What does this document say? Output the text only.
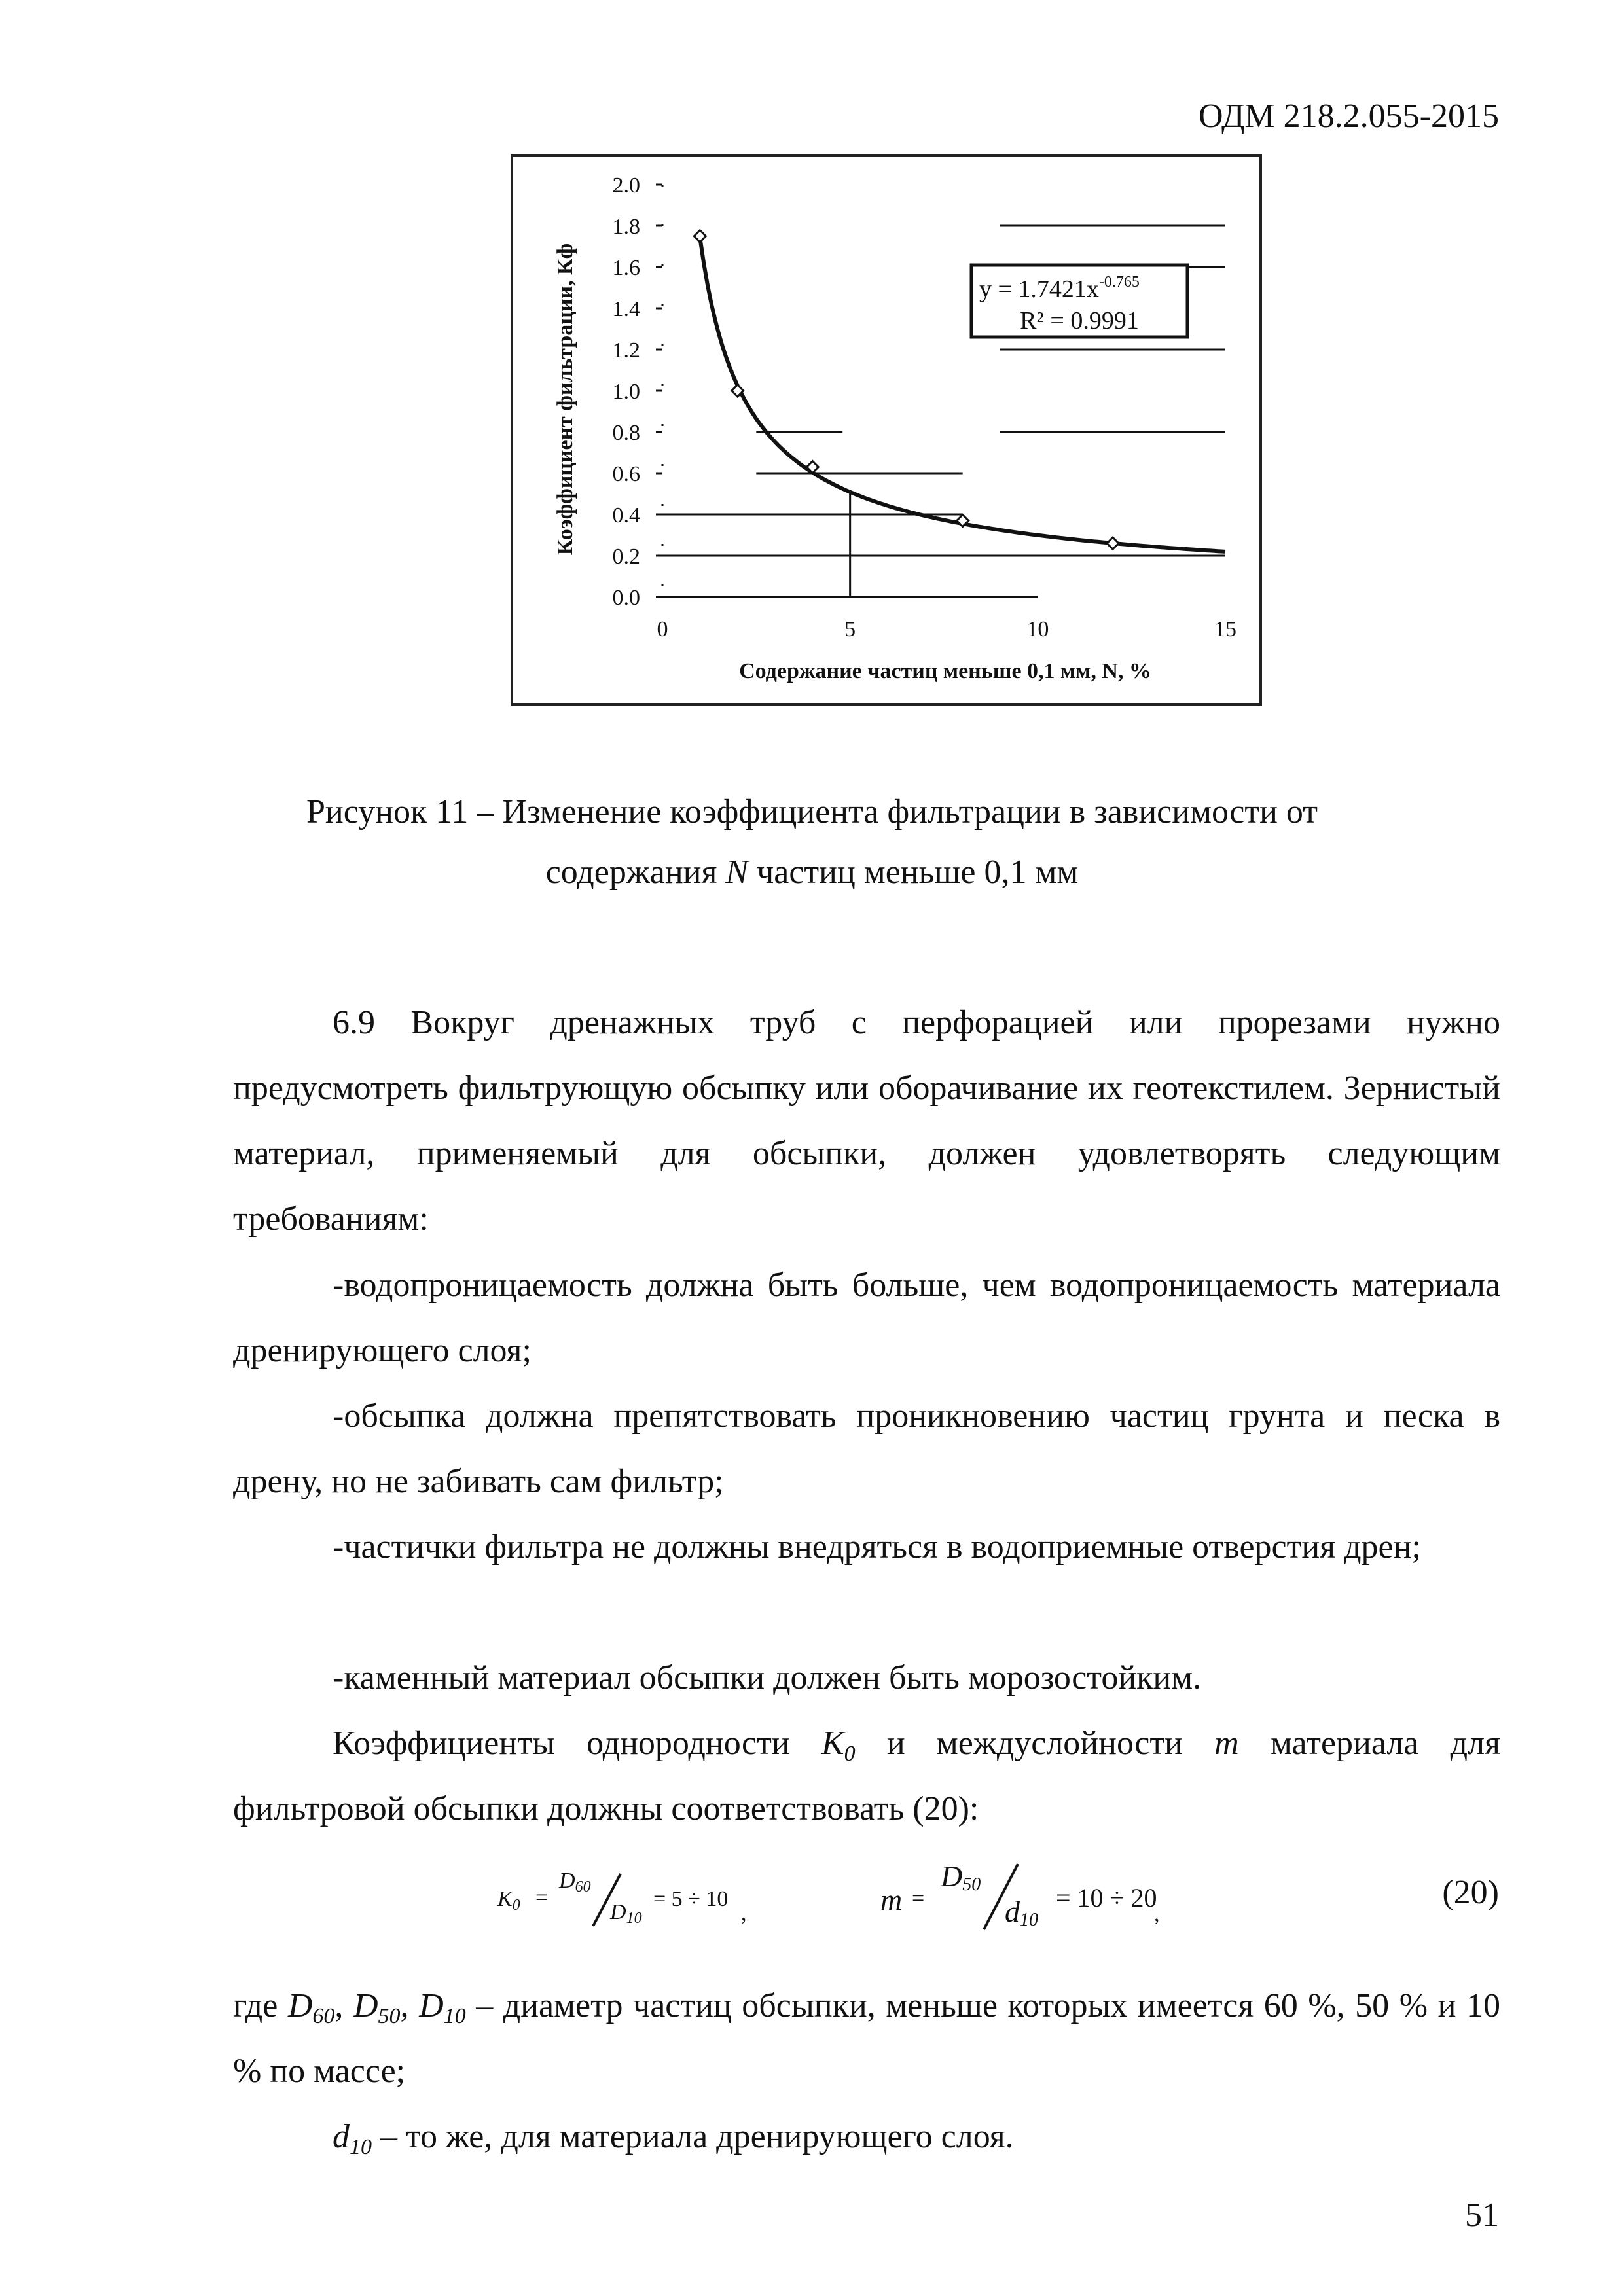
ОДМ 218.2.055-2015
0.0
0.2
0.4
0.6
0.8
1.0
1.2
1.4
1.6
1.8
2.0
0	5	10	15
$y = 1.7421x^{-0.765}$
R² = 0.9991
Содержание частиц меньше 0,1 мм, N, %
Коэффициент фильтрации, Кф
Рисунок 11 – Изменение коэффициента фильтрации в зависимости от
содержания N частиц меньше 0,1 мм
6.9 Вокруг дренажных труб с перфорацией или прорезами нужно предусмотреть фильтрующую обсыпку или оборачивание их геотекстилем. Зернистый материал, применяемый для обсыпки, должен удовлетворять следующим требованиям:
-водопроницаемость должна быть больше, чем водопроницаемость материала дренирующего слоя;
-обсыпка должна препятствовать проникновению частиц грунта и песка в дрену, но не забивать сам фильтр;
-частички фильтра не должны внедряться в водоприемные отверстия дрен;
-каменный материал обсыпки должен быть морозостойким.
Коэффициенты однородности $K_0$ и междуслойности m материала для фильтровой обсыпки должны соответствовать (20):
$K_0$ =
$D_{60}$
$D_{10}$
= 5 ÷ 10
,	m =
$D_{50}$
$d_{10}$
= 10 ÷ 20
,
(20)
где $D_{60}$, $D_{50}$, $D_{10}$ – диаметр частиц обсыпки, меньше которых имеется 60 %, 50 % и 10 % по массе;
$d_{10}$ – то же, для материала дренирующего слоя.
51
